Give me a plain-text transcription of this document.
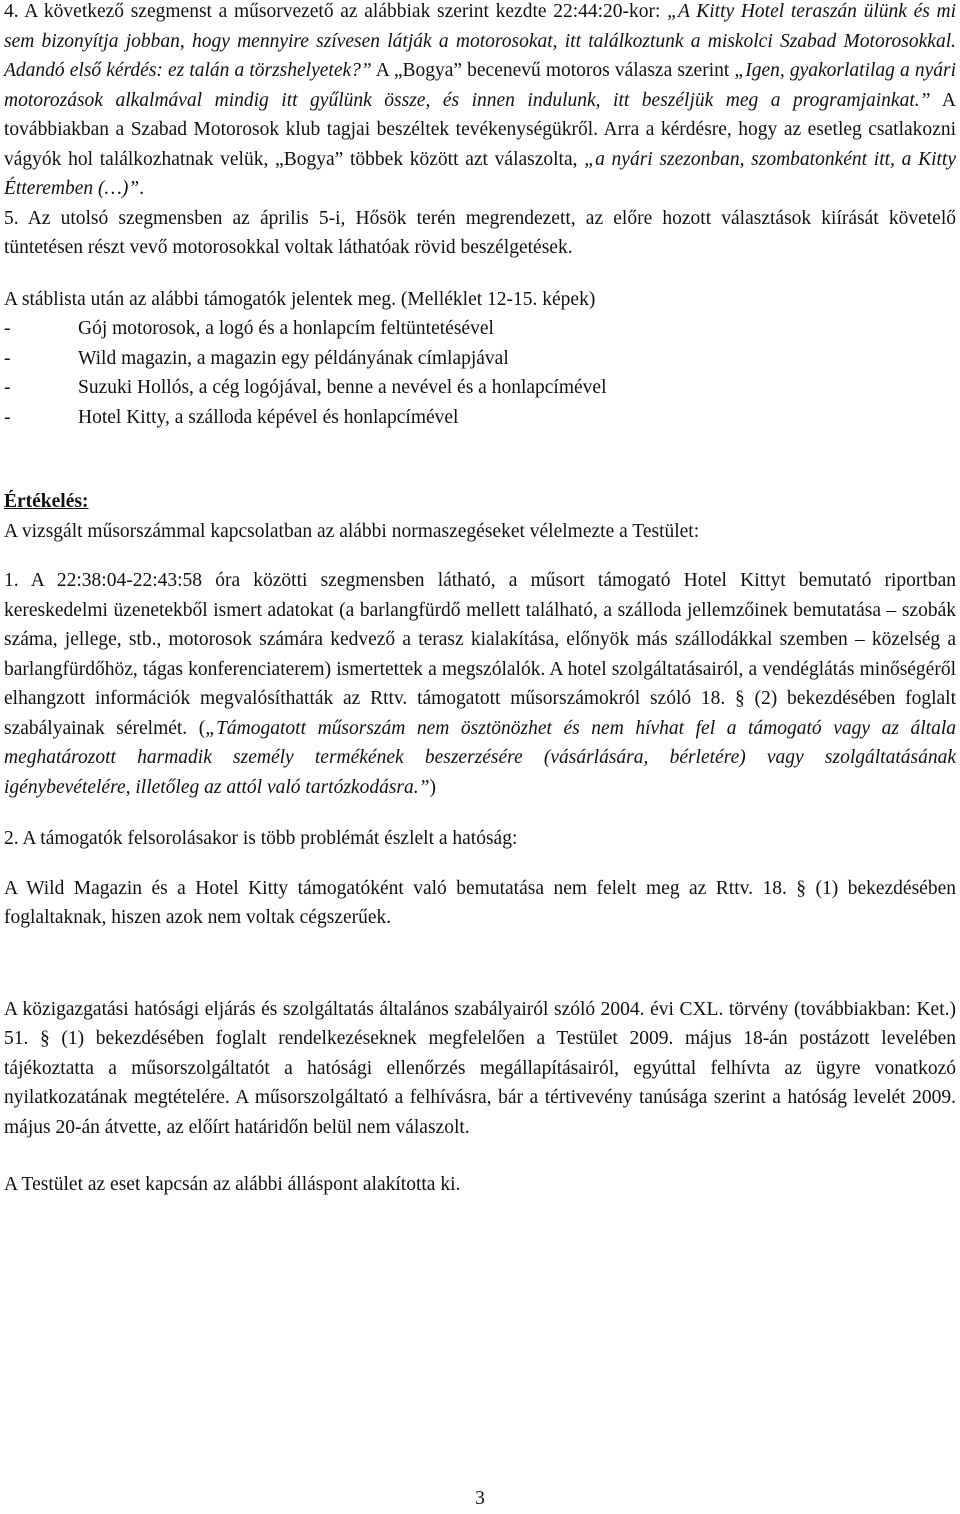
4. A következő szegmenst a műsorvezető az alábbiak szerint kezdte 22:44:20-kor: „A Kitty Hotel teraszán ülünk és mi sem bizonyítja jobban, hogy mennyire szívesen látják a motorosokat, itt találkoztunk a miskolci Szabad Motorosokkal. Adandó első kérdés: ez talán a törzshelyetek?” A „Bogya” becenevű motoros válasza szerint „Igen, gyakorlatilag a nyári motorozások alkalmával mindig itt gyűlünk össze, és innen indulunk, itt beszéljük meg a programjainkat.” A továbbiakban a Szabad Motorosok klub tagjai beszéltek tevékenységükről. Arra a kérdésre, hogy az esetleg csatlakozni vágyók hol találkozhatnak velük, „Bogya” többek között azt válaszolta, „a nyári szezonban, szombatonként itt, a Kitty Étteremben (…)”.

5. Az utolsó szegmensben az április 5-i, Hősök terén megrendezett, az előre hozott választások kiírását követelő tüntetésen részt vevő motorosokkal voltak láthatóak rövid beszélgetések.

A stáblista után az alábbi támogatók jelentek meg. (Melléklet 12-15. képek)

-	Gój motorosok, a logó és a honlapcím feltüntetésével
-	Wild magazin, a magazin egy példányának címlapjával
-	Suzuki Hollós, a cég logójával, benne a nevével és a honlapcímével
-	Hotel Kitty, a szálloda képével és honlapcímével

Értékelés:

A vizsgált műsorszámmal kapcsolatban az alábbi normaszegéseket vélelmezte a Testület:

1. A 22:38:04-22:43:58 óra közötti szegmensben látható, a műsort támogató Hotel Kittyt bemutató riportban kereskedelmi üzenetekből ismert adatokat (a barlangfürdő mellett található, a szálloda jellemzőinek bemutatása – szobák száma, jellege, stb., motorosok számára kedvező a terasz kialakítása, előnyök más szállodákkal szemben – közelség a barlangfürdőhöz, tágas konferenciaterem) ismertettek a megszólalók. A hotel szolgáltatásairól, a vendéglátás minőségéről elhangzott információk megvalósíthatták az Rttv. támogatott műsorszámokról szóló 18. § (2) bekezdésében foglalt szabályainak sérelmét. („Támogatott műsorszám nem ösztönözhet és nem hívhat fel a támogató vagy az általa meghatározott harmadik személy termékének beszerzésére (vásárlására, bérletére) vagy szolgáltatásának igénybevételére, illetőleg az attól való tartózkodásra.”)

2. A támogatók felsorolásakor is több problémát észlelt a hatóság:

A Wild Magazin és a Hotel Kitty támogatóként való bemutatása nem felelt meg az Rttv. 18. § (1) bekezdésében foglaltaknak, hiszen azok nem voltak cégszerűek.

A közigazgatási hatósági eljárás és szolgáltatás általános szabályairól szóló 2004. évi CXL. törvény (továbbiakban: Ket.) 51. § (1) bekezdésében foglalt rendelkezéseknek megfelelően a Testület 2009. május 18-án postázott levelében tájékoztatta a műsorszolgáltatót a hatósági ellenőrzés megállapításairól, egyúttal felhívta az ügyre vonatkozó nyilatkozatának megtételére. A műsorszolgáltató a felhívásra, bár a tértivevény tanúsága szerint a hatóság levelét 2009. május 20-án átvette, az előírt határidőn belül nem válaszolt.

A Testület az eset kapcsán az alábbi álláspont alakította ki.

3
